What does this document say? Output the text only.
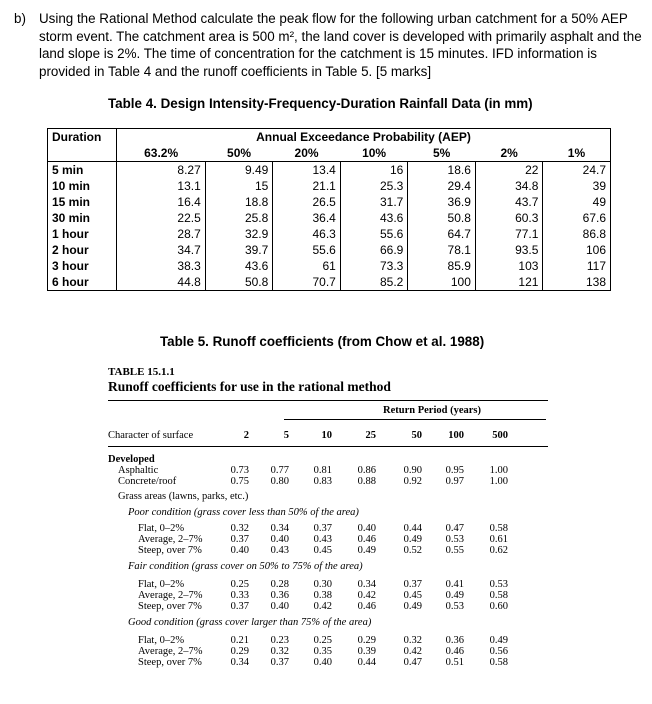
b) Using the Rational Method calculate the peak flow for the following urban catchment for a 50% AEP storm event. The catchment area is 500 m², the land cover is developed with primarily asphalt and the land slope is 2%. The time of concentration for the catchment is 15 minutes. IFD information is provided in Table 4 and the runoff coefficients in Table 5. [5 marks]
Table 4. Design Intensity-Frequency-Duration Rainfall Data (in mm)
Duration	Annual Exceedance Probability (AEP)						
	63.2%	50%	20%	10%	5%	2%	1%
5 min	8.27	9.49	13.4	16	18.6	22	24.7
10 min	13.1	15	21.1	25.3	29.4	34.8	39
15 min	16.4	18.8	26.5	31.7	36.9	43.7	49
30 min	22.5	25.8	36.4	43.6	50.8	60.3	67.6
1 hour	28.7	32.9	46.3	55.6	64.7	77.1	86.8
2 hour	34.7	39.7	55.6	66.9	78.1	93.5	106
3 hour	38.3	43.6	61	73.3	85.9	103	117
6 hour	44.8	50.8	70.7	85.2	100	121	138
Table 5. Runoff coefficients (from Chow et al. 1988)
TABLE 15.1.1
Runoff coefficients for use in the rational method
Return Period (years)
Character of surface	2	5	10	25	50	100	500
Developed
Asphaltic	0.73	0.77	0.81	0.86	0.90	0.95	1.00
Concrete/roof	0.75	0.80	0.83	0.88	0.92	0.97	1.00
Grass areas (lawns, parks, etc.)
Poor condition (grass cover less than 50% of the area)
Flat, 0–2%	0.32	0.34	0.37	0.40	0.44	0.47	0.58
Average, 2–7%	0.37	0.40	0.43	0.46	0.49	0.53	0.61
Steep, over 7%	0.40	0.43	0.45	0.49	0.52	0.55	0.62
Fair condition (grass cover on 50% to 75% of the area)
Flat, 0–2%	0.25	0.28	0.30	0.34	0.37	0.41	0.53
Average, 2–7%	0.33	0.36	0.38	0.42	0.45	0.49	0.58
Steep, over 7%	0.37	0.40	0.42	0.46	0.49	0.53	0.60
Good condition (grass cover larger than 75% of the area)
Flat, 0–2%	0.21	0.23	0.25	0.29	0.32	0.36	0.49
Average, 2–7%	0.29	0.32	0.35	0.39	0.42	0.46	0.56
Steep, over 7%	0.34	0.37	0.40	0.44	0.47	0.51	0.58
